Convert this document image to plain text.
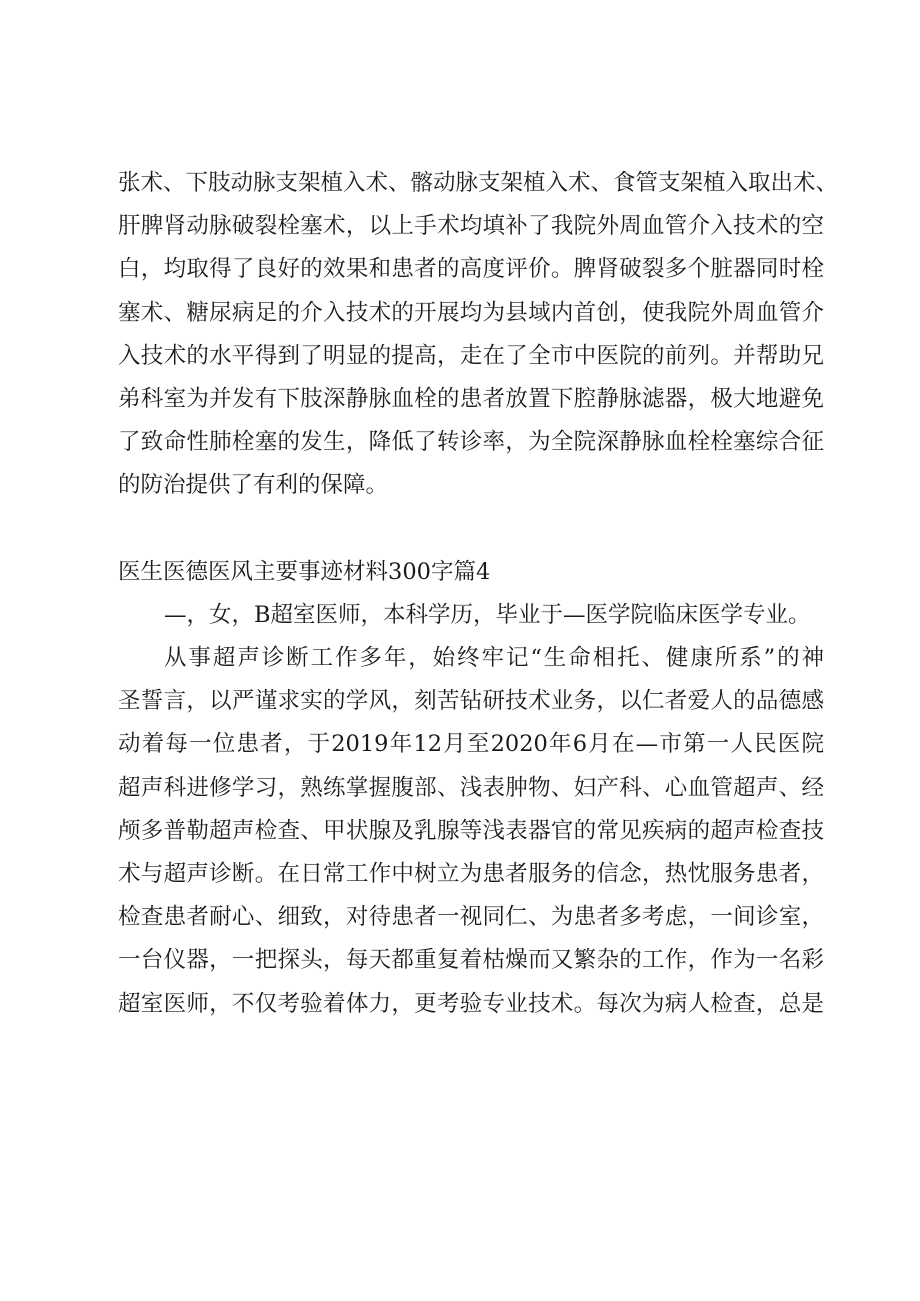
张术、下肢动脉支架植入术、髂动脉支架植入术、食管支架植入取出术、
肝脾肾动脉破裂栓塞术，以上手术均填补了我院外周血管介入技术的空
白，均取得了良好的效果和患者的高度评价。脾肾破裂多个脏器同时栓
塞术、糖尿病足的介入技术的开展均为县域内首创，使我院外周血管介
入技术的水平得到了明显的提高，走在了全市中医院的前列。并帮助兄
弟科室为并发有下肢深静脉血栓的患者放置下腔静脉滤器，极大地避免
了致命性肺栓塞的发生，降低了转诊率，为全院深静脉血栓栓塞综合征
的防治提供了有利的保障。
医生医德医风主要事迹材料300字篇4
—，女，B超室医师，本科学历，毕业于—医学院临床医学专业。
从事超声诊断工作多年，始终牢记“生命相托、健康所系”的神
圣誓言，以严谨求实的学风，刻苦钻研技术业务，以仁者爱人的品德感
动着每一位患者，于2019年12月至2020年6月在—市第一人民医院
超声科进修学习，熟练掌握腹部、浅表肿物、妇产科、心血管超声、经
颅多普勒超声检查、甲状腺及乳腺等浅表器官的常见疾病的超声检查技
术与超声诊断。在日常工作中树立为患者服务的信念，热忱服务患者，
检查患者耐心、细致，对待患者一视同仁、为患者多考虑，一间诊室，
一台仪器，一把探头，每天都重复着枯燥而又繁杂的工作，作为一名彩
超室医师，不仅考验着体力，更考验专业技术。每次为病人检查，总是
